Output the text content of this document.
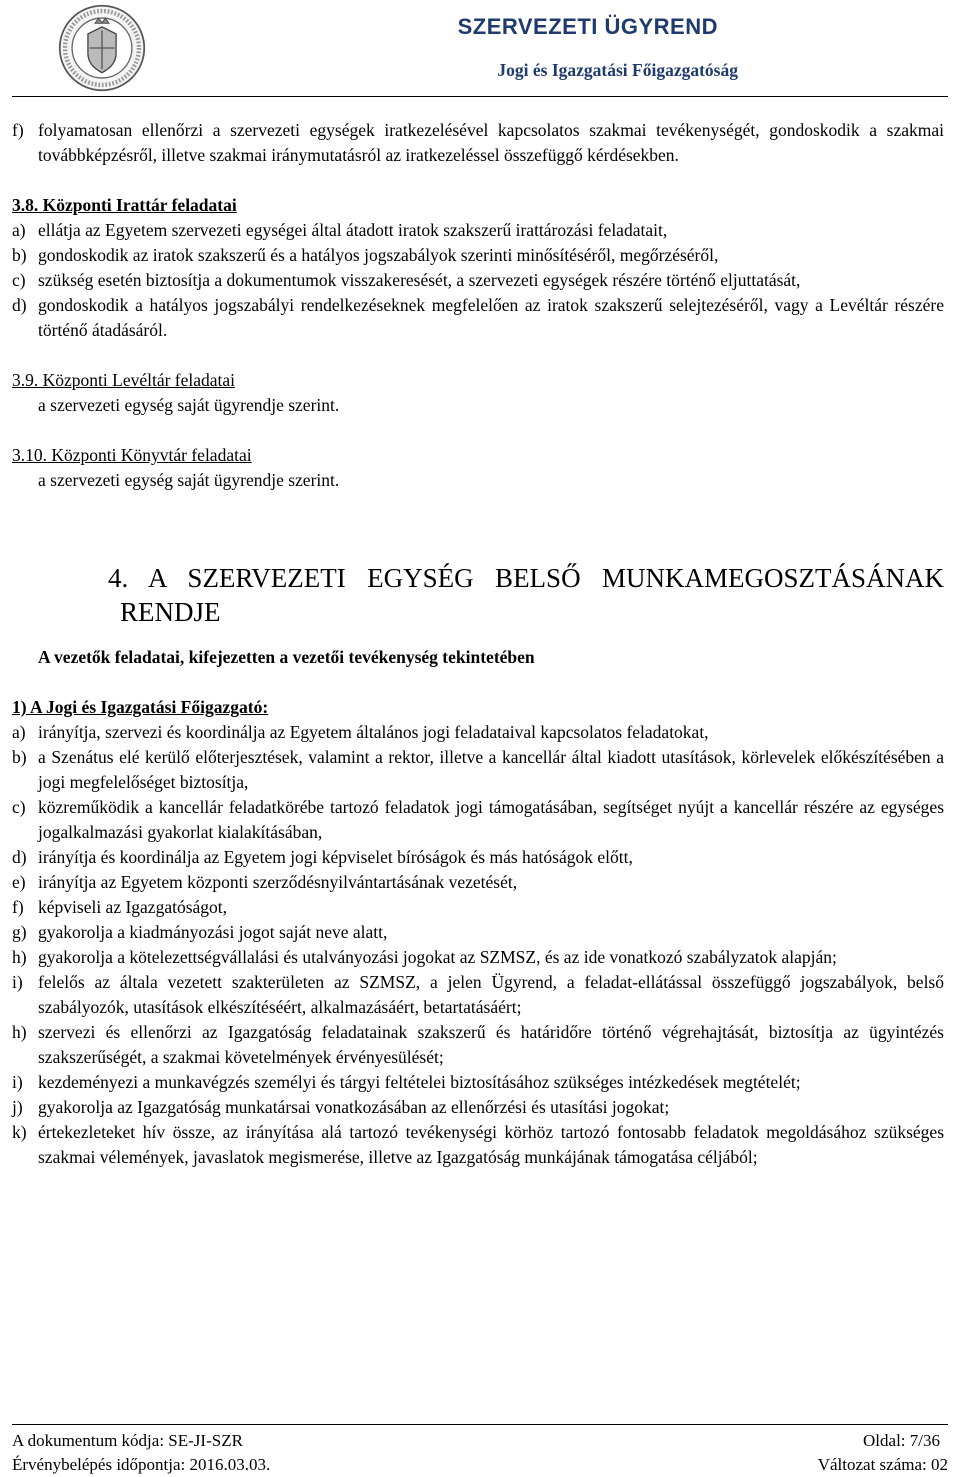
SZERVEZETI ÜGYREND
Jogi és Igazgatási Főigazgatóság
f) folyamatosan ellenőrzi a szervezeti egységek iratkezelésével kapcsolatos szakmai tevékenységét, gondoskodik a szakmai továbbképzésről, illetve szakmai iránymutatásról az iratkezeléssel összefüggő kérdésekben.

3.8. Központi Irattár feladatai

a) ellátja az Egyetem szervezeti egységei által átadott iratok szakszerű irattározási feladatait,
b) gondoskodik az iratok szakszerű és a hatályos jogszabályok szerinti minősítéséről, megőrzéséről,
c) szükség esetén biztosítja a dokumentumok visszakeresését, a szervezeti egységek részére történő eljuttatását,
d) gondoskodik a hatályos jogszabályi rendelkezéseknek megfelelően az iratok szakszerű selejtezéséről, vagy a Levéltár részére történő átadásáról.

3.9. Központi Levéltár feladatai

a szervezeti egység saját ügyrendje szerint.

3.10. Központi Könyvtár feladatai

a szervezeti egység saját ügyrendje szerint.

4. A SZERVEZETI EGYSÉG BELSŐ MUNKAMEGOSZTÁSÁNAK
RENDJE

A vezetők feladatai, kifejezetten a vezetői tevékenység tekintetében

1) A Jogi és Igazgatási Főigazgató:

a) irányítja, szervezi és koordinálja az Egyetem általános jogi feladataival kapcsolatos feladatokat,
b) a Szenátus elé kerülő előterjesztések, valamint a rektor, illetve a kancellár által kiadott utasítások, körlevelek előkészítésében a jogi megfelelőséget biztosítja,
c) közreműködik a kancellár feladatkörébe tartozó feladatok jogi támogatásában, segítséget nyújt a kancellár részére az egységes jogalkalmazási gyakorlat kialakításában,
d) irányítja és koordinálja az Egyetem jogi képviselet bíróságok és más hatóságok előtt,
e) irányítja az Egyetem központi szerződésnyilvántartásának vezetését,
f) képviseli az Igazgatóságot,
g) gyakorolja a kiadmányozási jogot saját neve alatt,
h) gyakorolja a kötelezettségvállalási és utalványozási jogokat az SZMSZ, és az ide vonatkozó szabályzatok alapján;
i) felelős az általa vezetett szakterületen az SZMSZ, a jelen Ügyrend, a feladat-ellátással összefüggő jogszabályok, belső szabályozók, utasítások elkészítéséért, alkalmazásáért, betartatásáért;
h) szervezi és ellenőrzi az Igazgatóság feladatainak szakszerű és határidőre történő végrehajtását, biztosítja az ügyintézés szakszerűségét, a szakmai követelmények érvényesülését;
i) kezdeményezi a munkavégzés személyi és tárgyi feltételei biztosításához szükséges intézkedések megtételét;
j) gyakorolja az Igazgatóság munkatársai vonatkozásában az ellenőrzési és utasítási jogokat;
k) értekezleteket hív össze, az irányítása alá tartozó tevékenységi körhöz tartozó fontosabb feladatok megoldásához szükséges szakmai vélemények, javaslatok megismerése, illetve az Igazgatóság munkájának támogatása céljából;
A dokumentum kódja: SE-JI-SZR	Oldal: 7/36
Érvénybelépés időpontja: 2016.03.03.	Változat száma: 02
